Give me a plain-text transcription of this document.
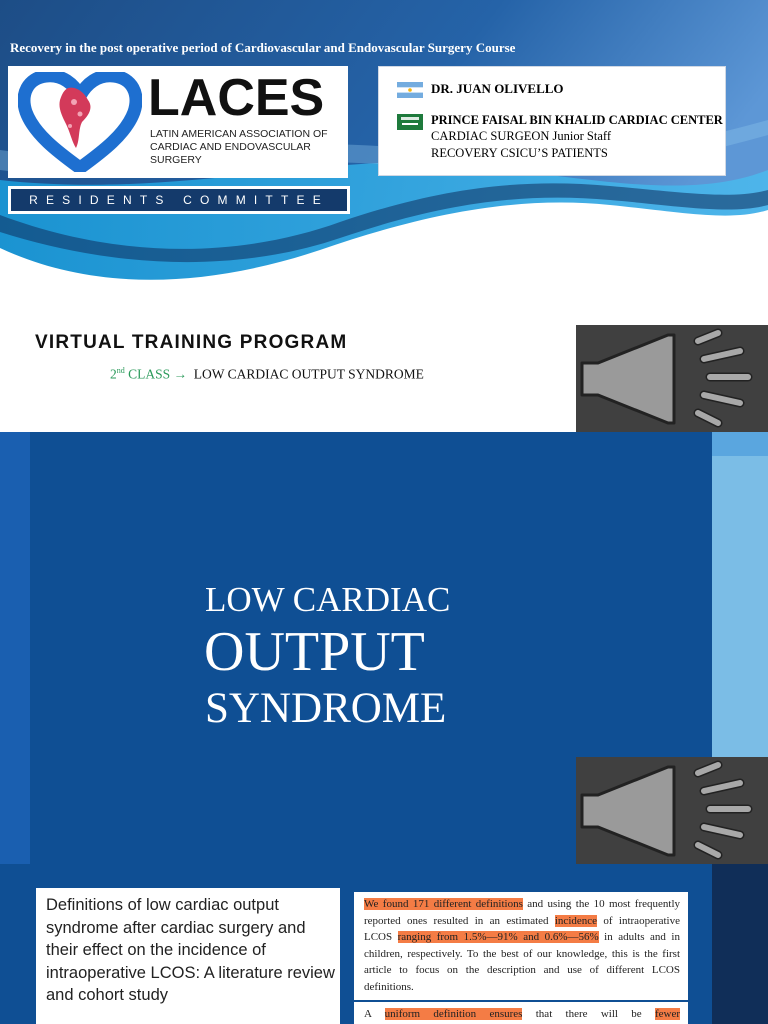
Recovery in the post operative period of Cardiovascular and Endovascular Surgery Course
LACES
LATIN AMERICAN ASSOCIATION OF CARDIAC AND ENDOVASCULAR SURGERY
RESIDENTS COMMITTEE
DR. JUAN OLIVELLO
PRINCE FAISAL BIN KHALID CARDIAC CENTER
CARDIAC SURGEON Junior Staff
RECOVERY CSICU’S PATIENTS
VIRTUAL TRAINING PROGRAM
2nd CLASS → LOW CARDIAC OUTPUT SYNDROME
LOW CARDIAC
OUTPUT
SYNDROME
Definitions of low cardiac output syndrome after cardiac surgery and their effect on the incidence of intraoperative LCOS: A literature review and cohort study
We found 171 different definitions and using the 10 most frequently reported ones resulted in an estimated incidence of intraoperative LCOS ranging from 1.5%—91% and 0.6%—56% in adults and in children, respectively. To the best of our knowledge, this is the first article to focus on the description and use of different LCOS definitions.
A uniform definition ensures that there will be fewer
